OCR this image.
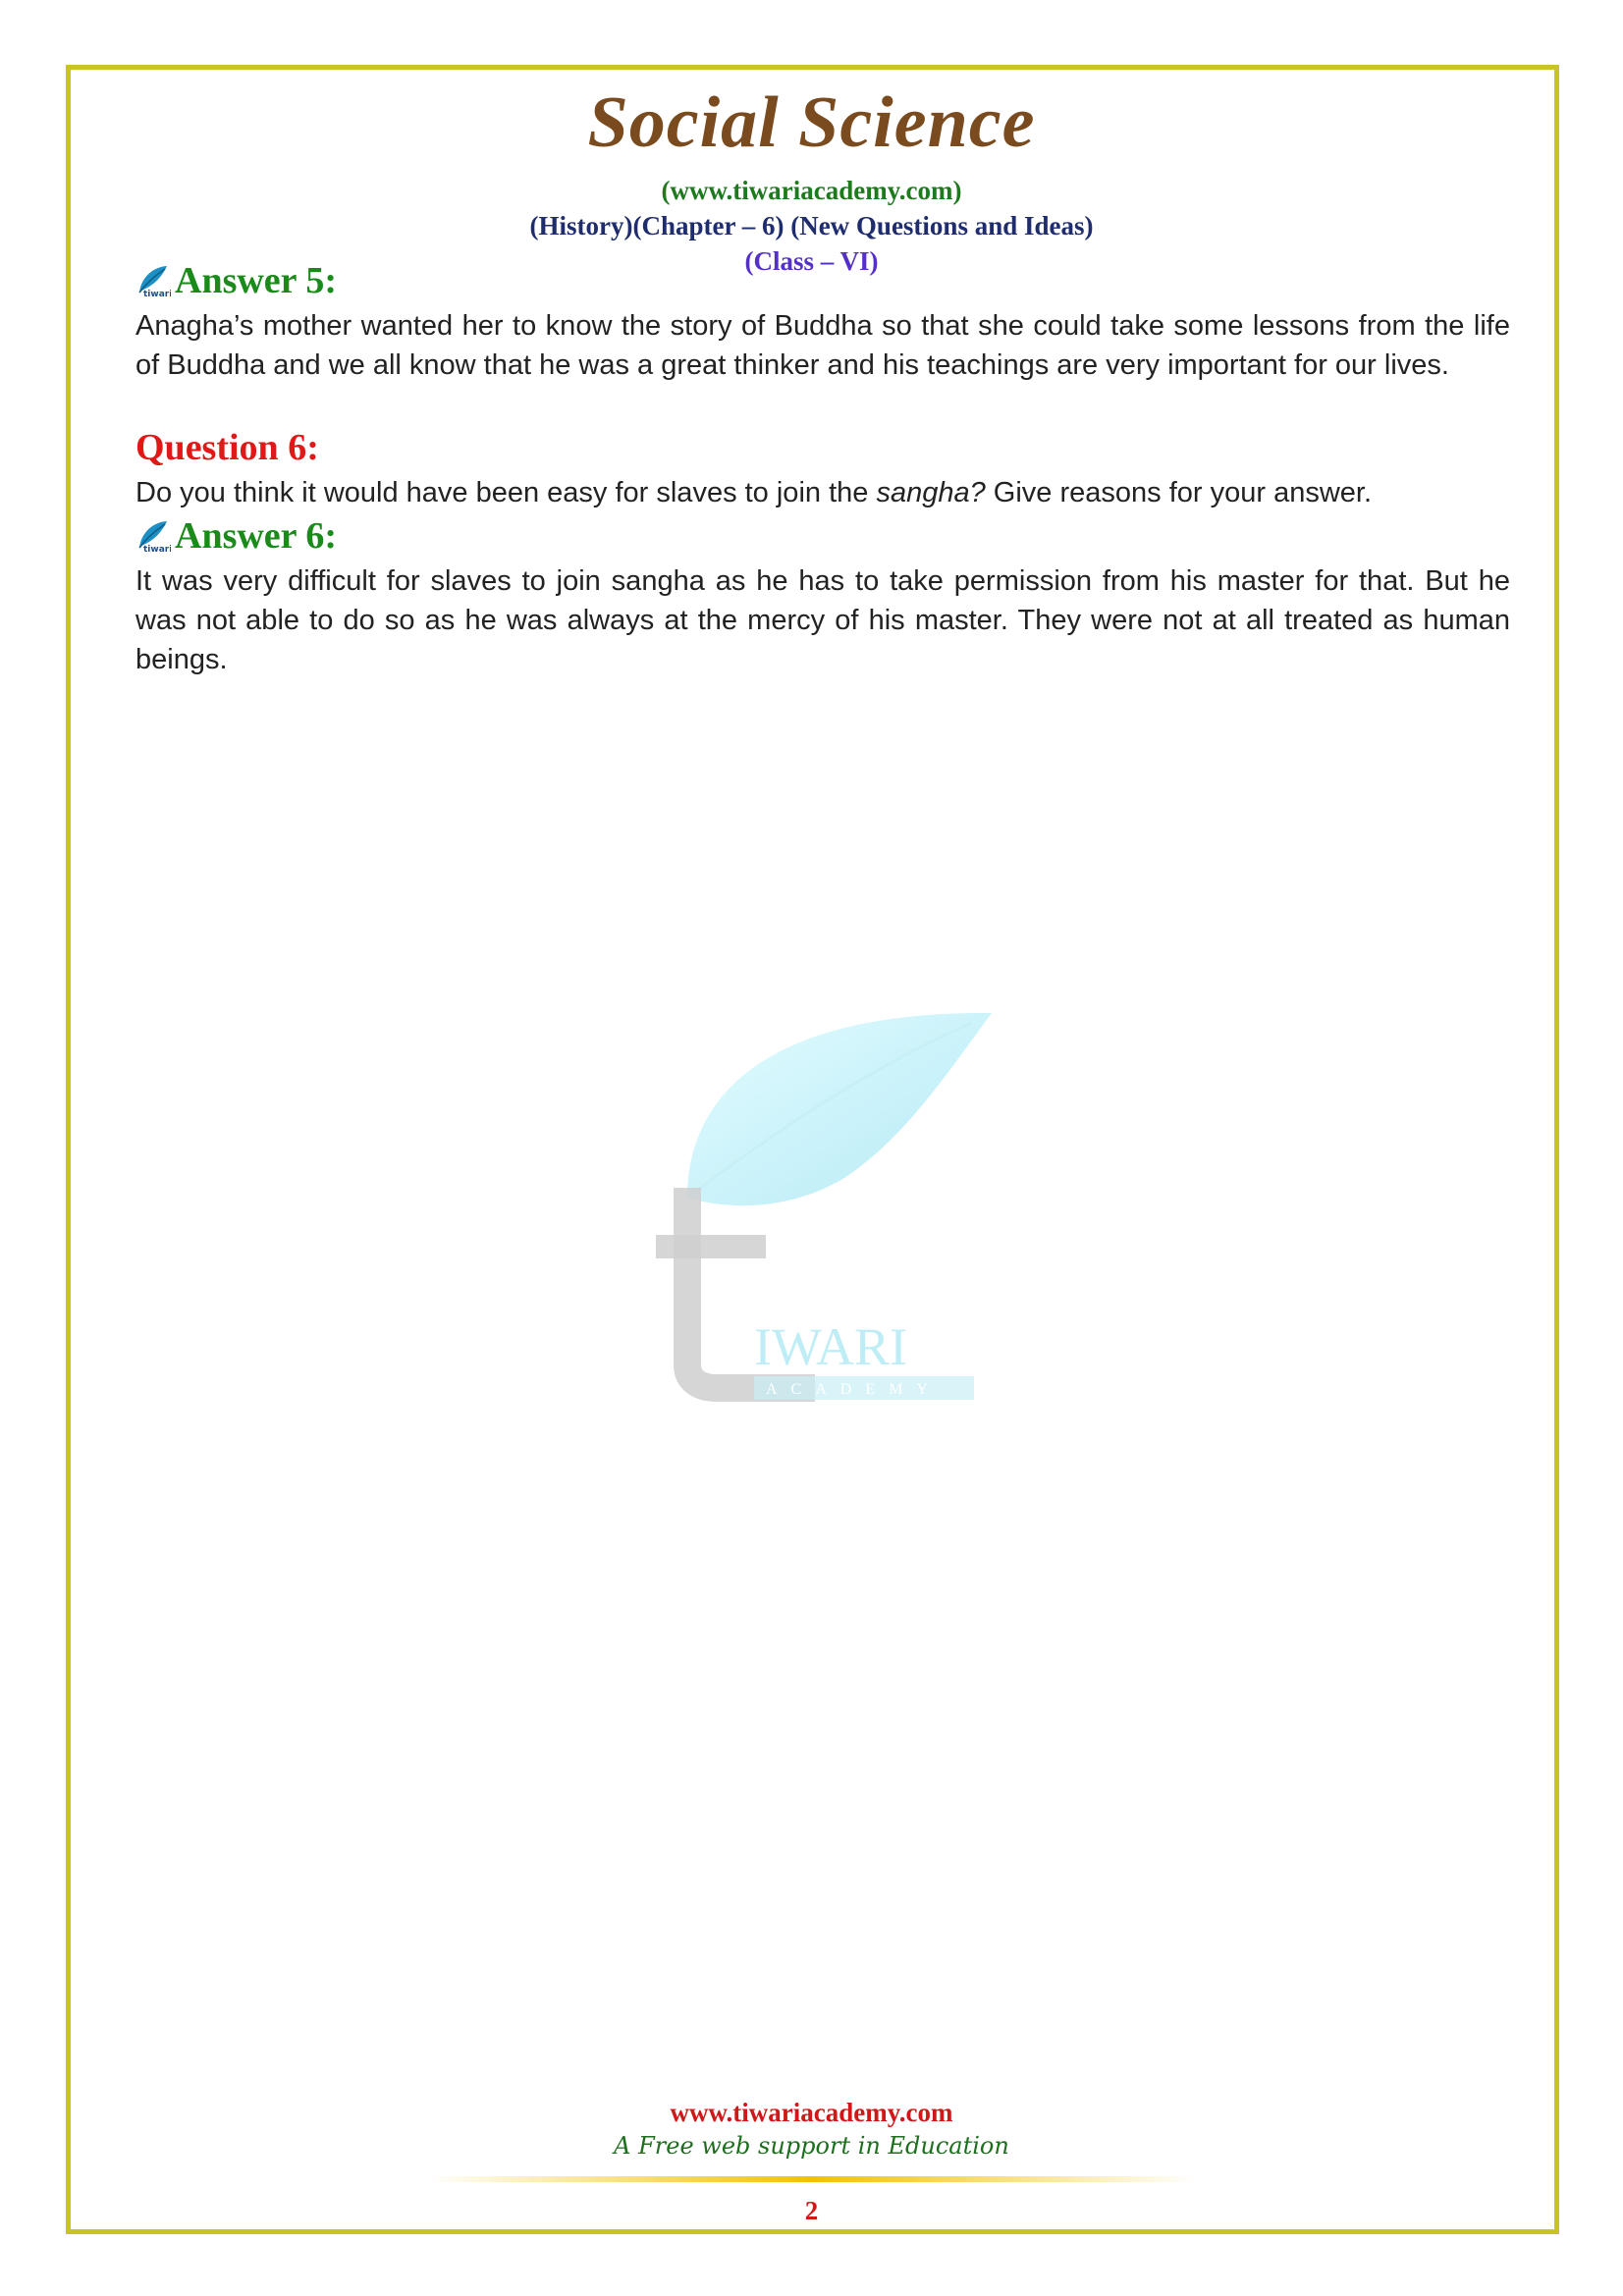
Social Science
(www.tiwariacademy.com)
(History)(Chapter – 6) (New Questions and Ideas)
(Class – VI)
tiwari Answer 5:

Anagha’s mother wanted her to know the story of Buddha so that she could take some lessons from the life of Buddha and we all know that he was a great thinker and his teachings are very important for our lives.

Question 6:

Do you think it would have been easy for slaves to join the sangha? Give reasons for your answer.

tiwari Answer 6:

It was very difficult for slaves to join sangha as he has to take permission from his master for that. But he was not able to do so as he was always at the mercy of his master. They were not at all treated as human beings.

IWARI
ACADEMY
www.tiwariacademy.com
A Free web support in Education
2
